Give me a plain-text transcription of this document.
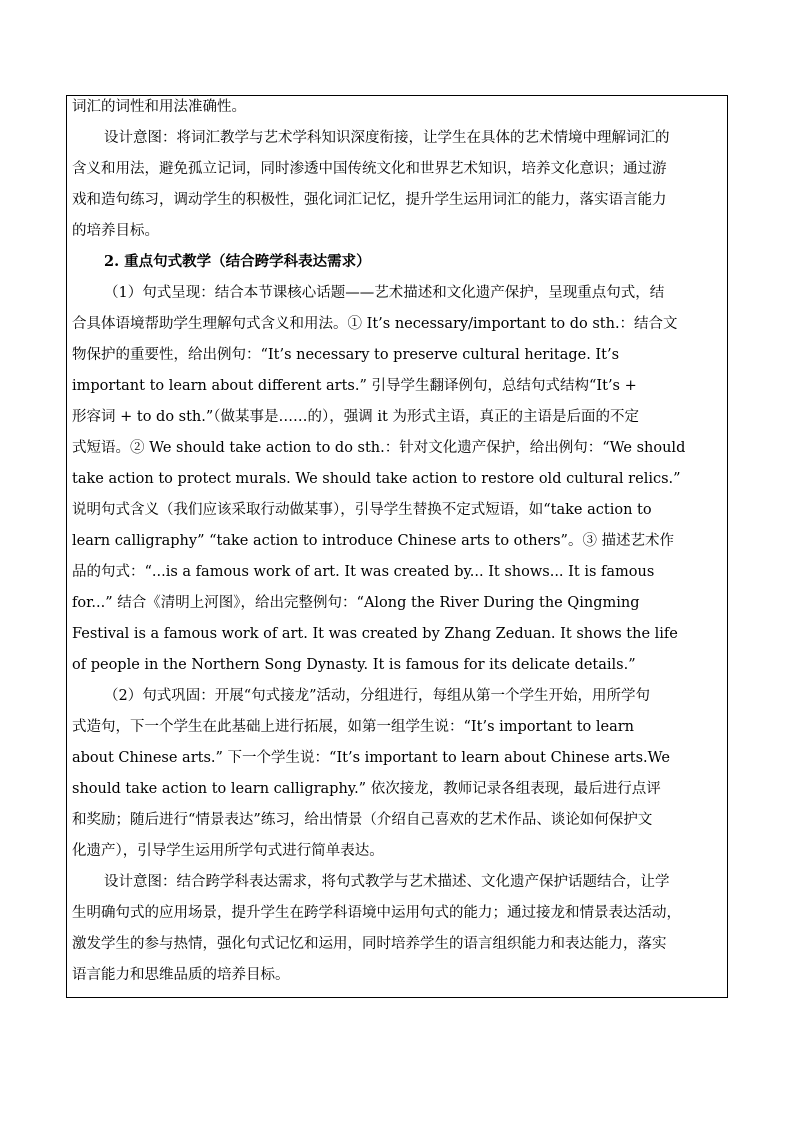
词汇的词性和用法准确性。
设计意图：将词汇教学与艺术学科知识深度衔接，让学生在具体的艺术情境中理解词汇的
含义和用法，避免孤立记词，同时渗透中国传统文化和世界艺术知识，培养文化意识；通过游
戏和造句练习，调动学生的积极性，强化词汇记忆，提升学生运用词汇的能力，落实语言能力
的培养目标。
2. 重点句式教学（结合跨学科表达需求）
（1）句式呈现：结合本节课核心话题——艺术描述和文化遗产保护，呈现重点句式，结
合具体语境帮助学生理解句式含义和用法。① It’s necessary/important to do sth.：结合文
物保护的重要性，给出例句：“It’s necessary to preserve cultural heritage. It’s
important to learn about different arts.” 引导学生翻译例句，总结句式结构“It’s +
形容词 + to do sth.”（做某事是……的），强调 it 为形式主语，真正的主语是后面的不定
式短语。② We should take action to do sth.：针对文化遗产保护，给出例句：“We should
take action to protect murals. We should take action to restore old cultural relics.”
说明句式含义（我们应该采取行动做某事），引导学生替换不定式短语，如“take action to
learn calligraphy” “take action to introduce Chinese arts to others”。③ 描述艺术作
品的句式：“...is a famous work of art. It was created by... It shows... It is famous
for...” 结合《清明上河图》，给出完整例句：“Along the River During the Qingming
Festival is a famous work of art. It was created by Zhang Zeduan. It shows the life
of people in the Northern Song Dynasty. It is famous for its delicate details.”
（2）句式巩固：开展“句式接龙”活动，分组进行，每组从第一个学生开始，用所学句
式造句，下一个学生在此基础上进行拓展，如第一组学生说：“It’s important to learn
about Chinese arts.” 下一个学生说：“It’s important to learn about Chinese arts.We
should take action to learn calligraphy.” 依次接龙，教师记录各组表现，最后进行点评
和奖励；随后进行“情景表达”练习，给出情景（介绍自己喜欢的艺术作品、谈论如何保护文
化遗产），引导学生运用所学句式进行简单表达。
设计意图：结合跨学科表达需求，将句式教学与艺术描述、文化遗产保护话题结合，让学
生明确句式的应用场景，提升学生在跨学科语境中运用句式的能力；通过接龙和情景表达活动，
激发学生的参与热情，强化句式记忆和运用，同时培养学生的语言组织能力和表达能力，落实
语言能力和思维品质的培养目标。
